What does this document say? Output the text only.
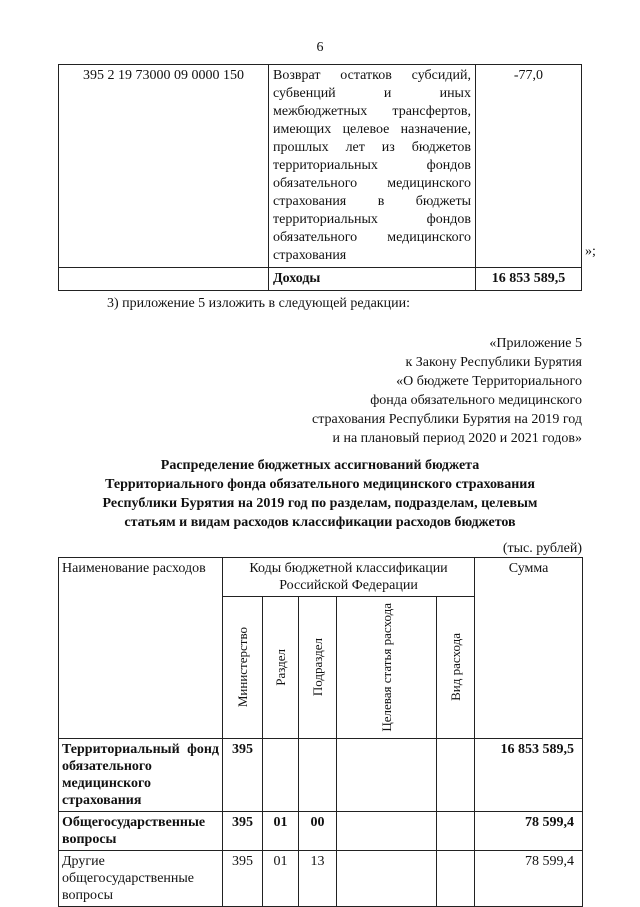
6
395 2 19 73000 09 0000 150	Возврат остатков субсидий, субвенций и иных межбюджетных трансфертов, имеющих целевое назначение, прошлых лет из бюджетов территориальных фондов обязательного медицинского страхования в бюджеты территориальных фондов обязательного медицинского страхования	-77,0
	Доходы	16 853 589,5
»;
3) приложение 5 изложить в следующей редакции:
«Приложение 5
к Закону Республики Бурятия
«О бюджете Территориального
фонда обязательного медицинского
страхования Республики Бурятия на 2019 год
и на плановый период 2020 и 2021 годов»
Распределение бюджетных ассигнований бюджета
Территориального фонда обязательного медицинского страхования
Республики Бурятия на 2019 год по разделам, подразделам, целевым
статьям и видам расходов классификации расходов бюджетов
(тыс. рублей)
Наименование расходов	Коды бюджетной классификации Российской Федерации					Сумма

	Министерство	Раздел	Подраздел	Целевая статья расхода	Вид расхода	

Территориальный фонд обязательного медицинского страхования	395					16 853 589,5
Общегосударственные вопросы	395	01	00			78 599,4
Другие общегосударственные вопросы	395	01	13			78 599,4
